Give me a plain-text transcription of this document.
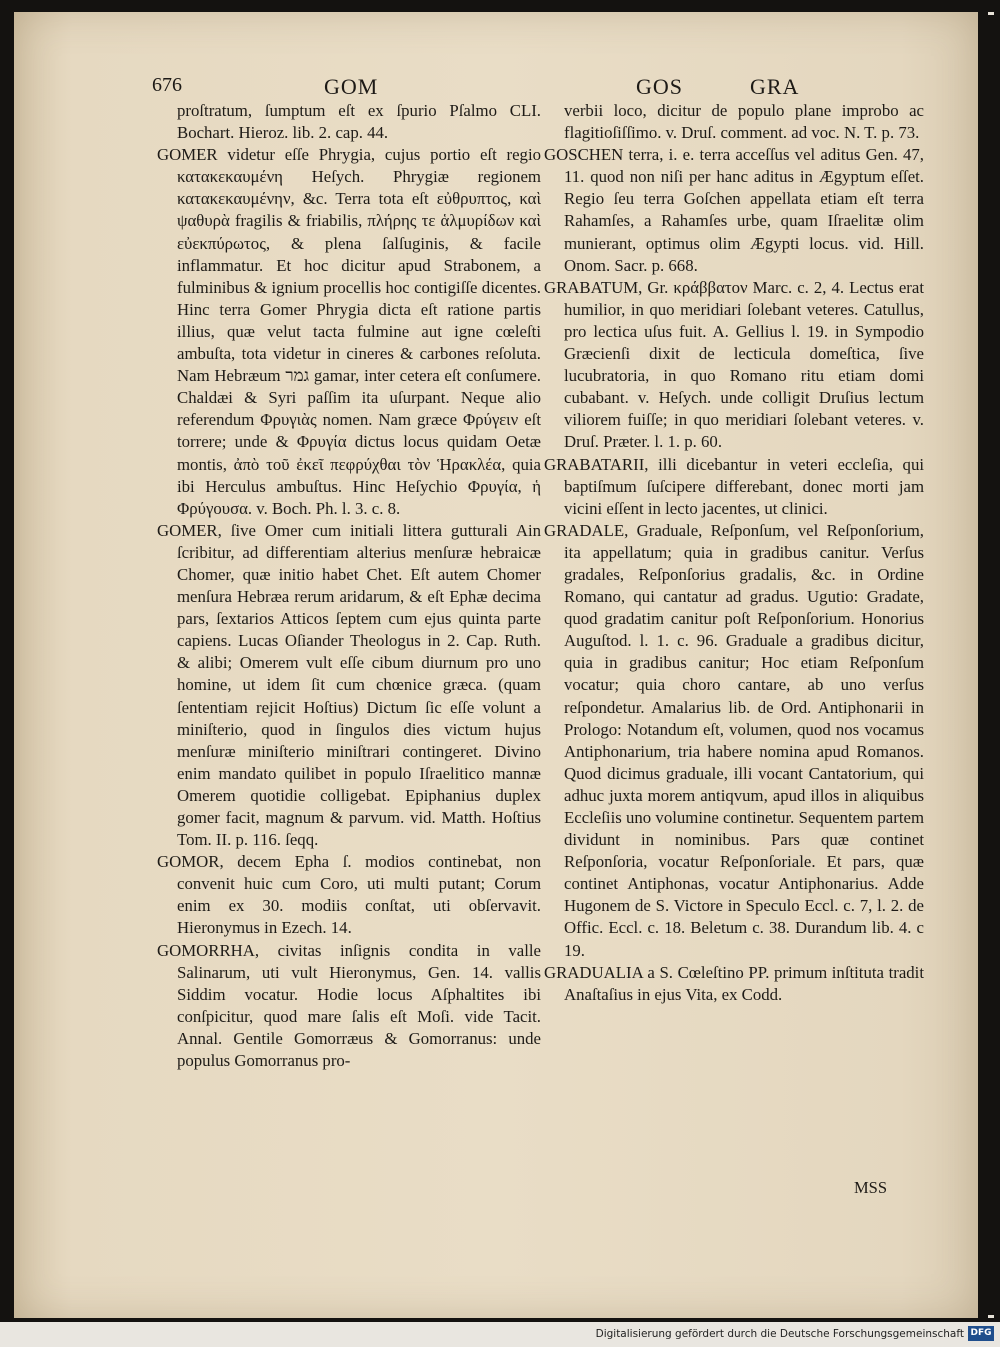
676	GOM	GOS	GRA

proſtratum, ſumptum eſt ex ſpurio Pſalmo CLI. Bochart. Hieroz. lib. 2. cap. 44.

GOMER videtur eſſe Phrygia, cujus portio eſt regio κατακεκαυμένη Heſych. Phrygiæ regionem κατακεκαυμένην, &c. Terra tota eſt εὐθρυπτος, καὶ ψαθυρὰ fragilis & friabilis, πλήρης τε ἁλμυρίδων καὶ εὐεκπύρωτος, & plena ſalſuginis, & facile inflammatur. Et hoc dicitur apud Strabonem, a fulminibus & ignium procellis hoc contigiſſe dicentes. Hinc terra Gomer Phrygia dicta eſt ratione partis illius, quæ velut tacta fulmine aut igne cœleſti ambuſta, tota videtur in cineres & carbones reſoluta. Nam Hebræum גמר gamar, inter cetera eſt conſumere. Chaldæi & Syri paſſim ita uſurpant. Neque alio referendum Φρυγιὰς nomen. Nam græce Φρύγειν eſt torrere; unde & Φρυγία dictus locus quidam Oetæ montis, ἀπὸ τοῦ ἐκεῖ πεφρύχθαι τὸν Ἡρακλέα, quia ibi Herculus ambuſtus. Hinc Heſychio Φρυγία, ἡ Φρύγουσα. v. Boch. Ph. l. 3. c. 8.

GOMER, ſive Omer cum initiali littera gutturali Ain ſcribitur, ad differentiam alterius menſuræ hebraicæ Chomer, quæ initio habet Chet. Eſt autem Chomer menſura Hebræa rerum aridarum, & eſt Ephæ decima pars, ſextarios Atticos ſeptem cum ejus quinta parte capiens. Lucas Oſiander Theologus in 2. Cap. Ruth. & alibi; Omerem vult eſſe cibum diurnum pro uno homine, ut idem ſit cum chœnice græca. (quam ſententiam rejicit Hoſtius) Dictum ſic eſſe volunt a miniſterio, quod in ſingulos dies victum hujus menſuræ miniſterio miniſtrari contingeret. Divino enim mandato quilibet in populo Iſraelitico mannæ Omerem quotidie colligebat. Epiphanius duplex gomer facit, magnum & parvum. vid. Matth. Hoſtius Tom. II. p. 116. ſeqq.

GOMOR, decem Epha ſ. modios continebat, non convenit huic cum Coro, uti multi putant; Corum enim ex 30. modiis conſtat, uti obſervavit. Hieronymus in Ezech. 14.

GOMORRHA, civitas inſignis condita in valle Salinarum, uti vult Hieronymus, Gen. 14. vallis Siddim vocatur. Hodie locus Aſphaltites ibi conſpicitur, quod mare ſalis eſt Moſi. vide Tacit. Annal. Gentile Gomorræus & Gomorranus: unde populus Gomorranus pro-

verbii loco, dicitur de populo plane improbo ac flagitioſiſſimo. v. Druſ. comment. ad voc. N. T. p. 73.

GOSCHEN terra, i. e. terra acceſſus vel aditus Gen. 47, 11. quod non niſi per hanc aditus in Ægyptum eſſet. Regio ſeu terra Goſchen appellata etiam eſt terra Rahamſes, a Rahamſes urbe, quam Iſraelitæ olim munierant, optimus olim Ægypti locus. vid. Hill. Onom. Sacr. p. 668.

GRABATUM, Gr. κράββατον Marc. c. 2, 4. Lectus erat humilior, in quo meridiari ſolebant veteres. Catullus, pro lectica uſus fuit. A. Gellius l. 19. in Sympodio Græcienſi dixit de lecticula domeſtica, ſive lucubratoria, in quo Romano ritu etiam domi cubabant. v. Heſych. unde colligit Druſius lectum viliorem fuiſſe; in quo meridiari ſolebant veteres. v. Druſ. Præter. l. 1. p. 60.

GRABATARII, illi dicebantur in veteri eccleſia, qui baptiſmum ſuſcipere differebant, donec morti jam vicini eſſent in lecto jacentes, ut clinici.

GRADALE, Graduale, Reſponſum, vel Reſponſorium, ita appellatum; quia in gradibus canitur. Verſus gradales, Reſponſorius gradalis, &c. in Ordine Romano, qui cantatur ad gradus. Ugutio: Gradate, quod gradatim canitur poſt Reſponſorium. Honorius Auguſtod. l. 1. c. 96. Graduale a gradibus dicitur, quia in gradibus canitur; Hoc etiam Reſponſum vocatur; quia choro cantare, ab uno verſus reſpondetur. Amalarius lib. de Ord. Antiphonarii in Prologo: Notandum eſt, volumen, quod nos vocamus Antiphonarium, tria habere nomina apud Romanos. Quod dicimus graduale, illi vocant Cantatorium, qui adhuc juxta morem antiqvum, apud illos in aliquibus Eccleſiis uno volumine continetur. Sequentem partem dividunt in nominibus. Pars quæ continet Reſponſoria, vocatur Reſponſoriale. Et pars, quæ continet Antiphonas, vocatur Antiphonarius. Adde Hugonem de S. Victore in Speculo Eccl. c. 7, l. 2. de Offic. Eccl. c. 18. Beletum c. 38. Durandum lib. 4. c 19.

GRADUALIA a S. Cœleſtino PP. primum inſtituta tradit Anaſtaſius in ejus Vita, ex Codd.

MSS
Digitalisierung gefördert durch die Deutsche Forschungsgemeinschaft DFG
